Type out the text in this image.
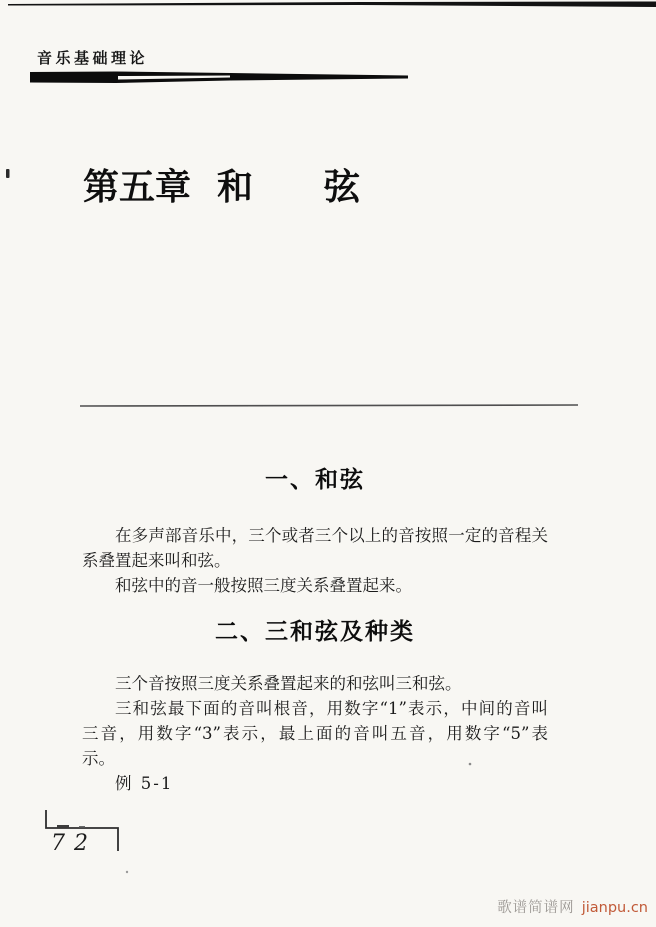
音乐基础理论
第五章 和 弦
一、和弦
在多声部音乐中，三个或者三个以上的音按照一定的音程关
系叠置起来叫和弦。
和弦中的音一般按照三度关系叠置起来。
二、三和弦及种类
三个音按照三度关系叠置起来的和弦叫三和弦。
三和弦最下面的音叫根音，用数字“1”表示，中间的音叫
三音，用数字“3”表示，最上面的音叫五音，用数字“5”表
示。
例 5-1
72
歌谱简谱网 jianpu.cn
